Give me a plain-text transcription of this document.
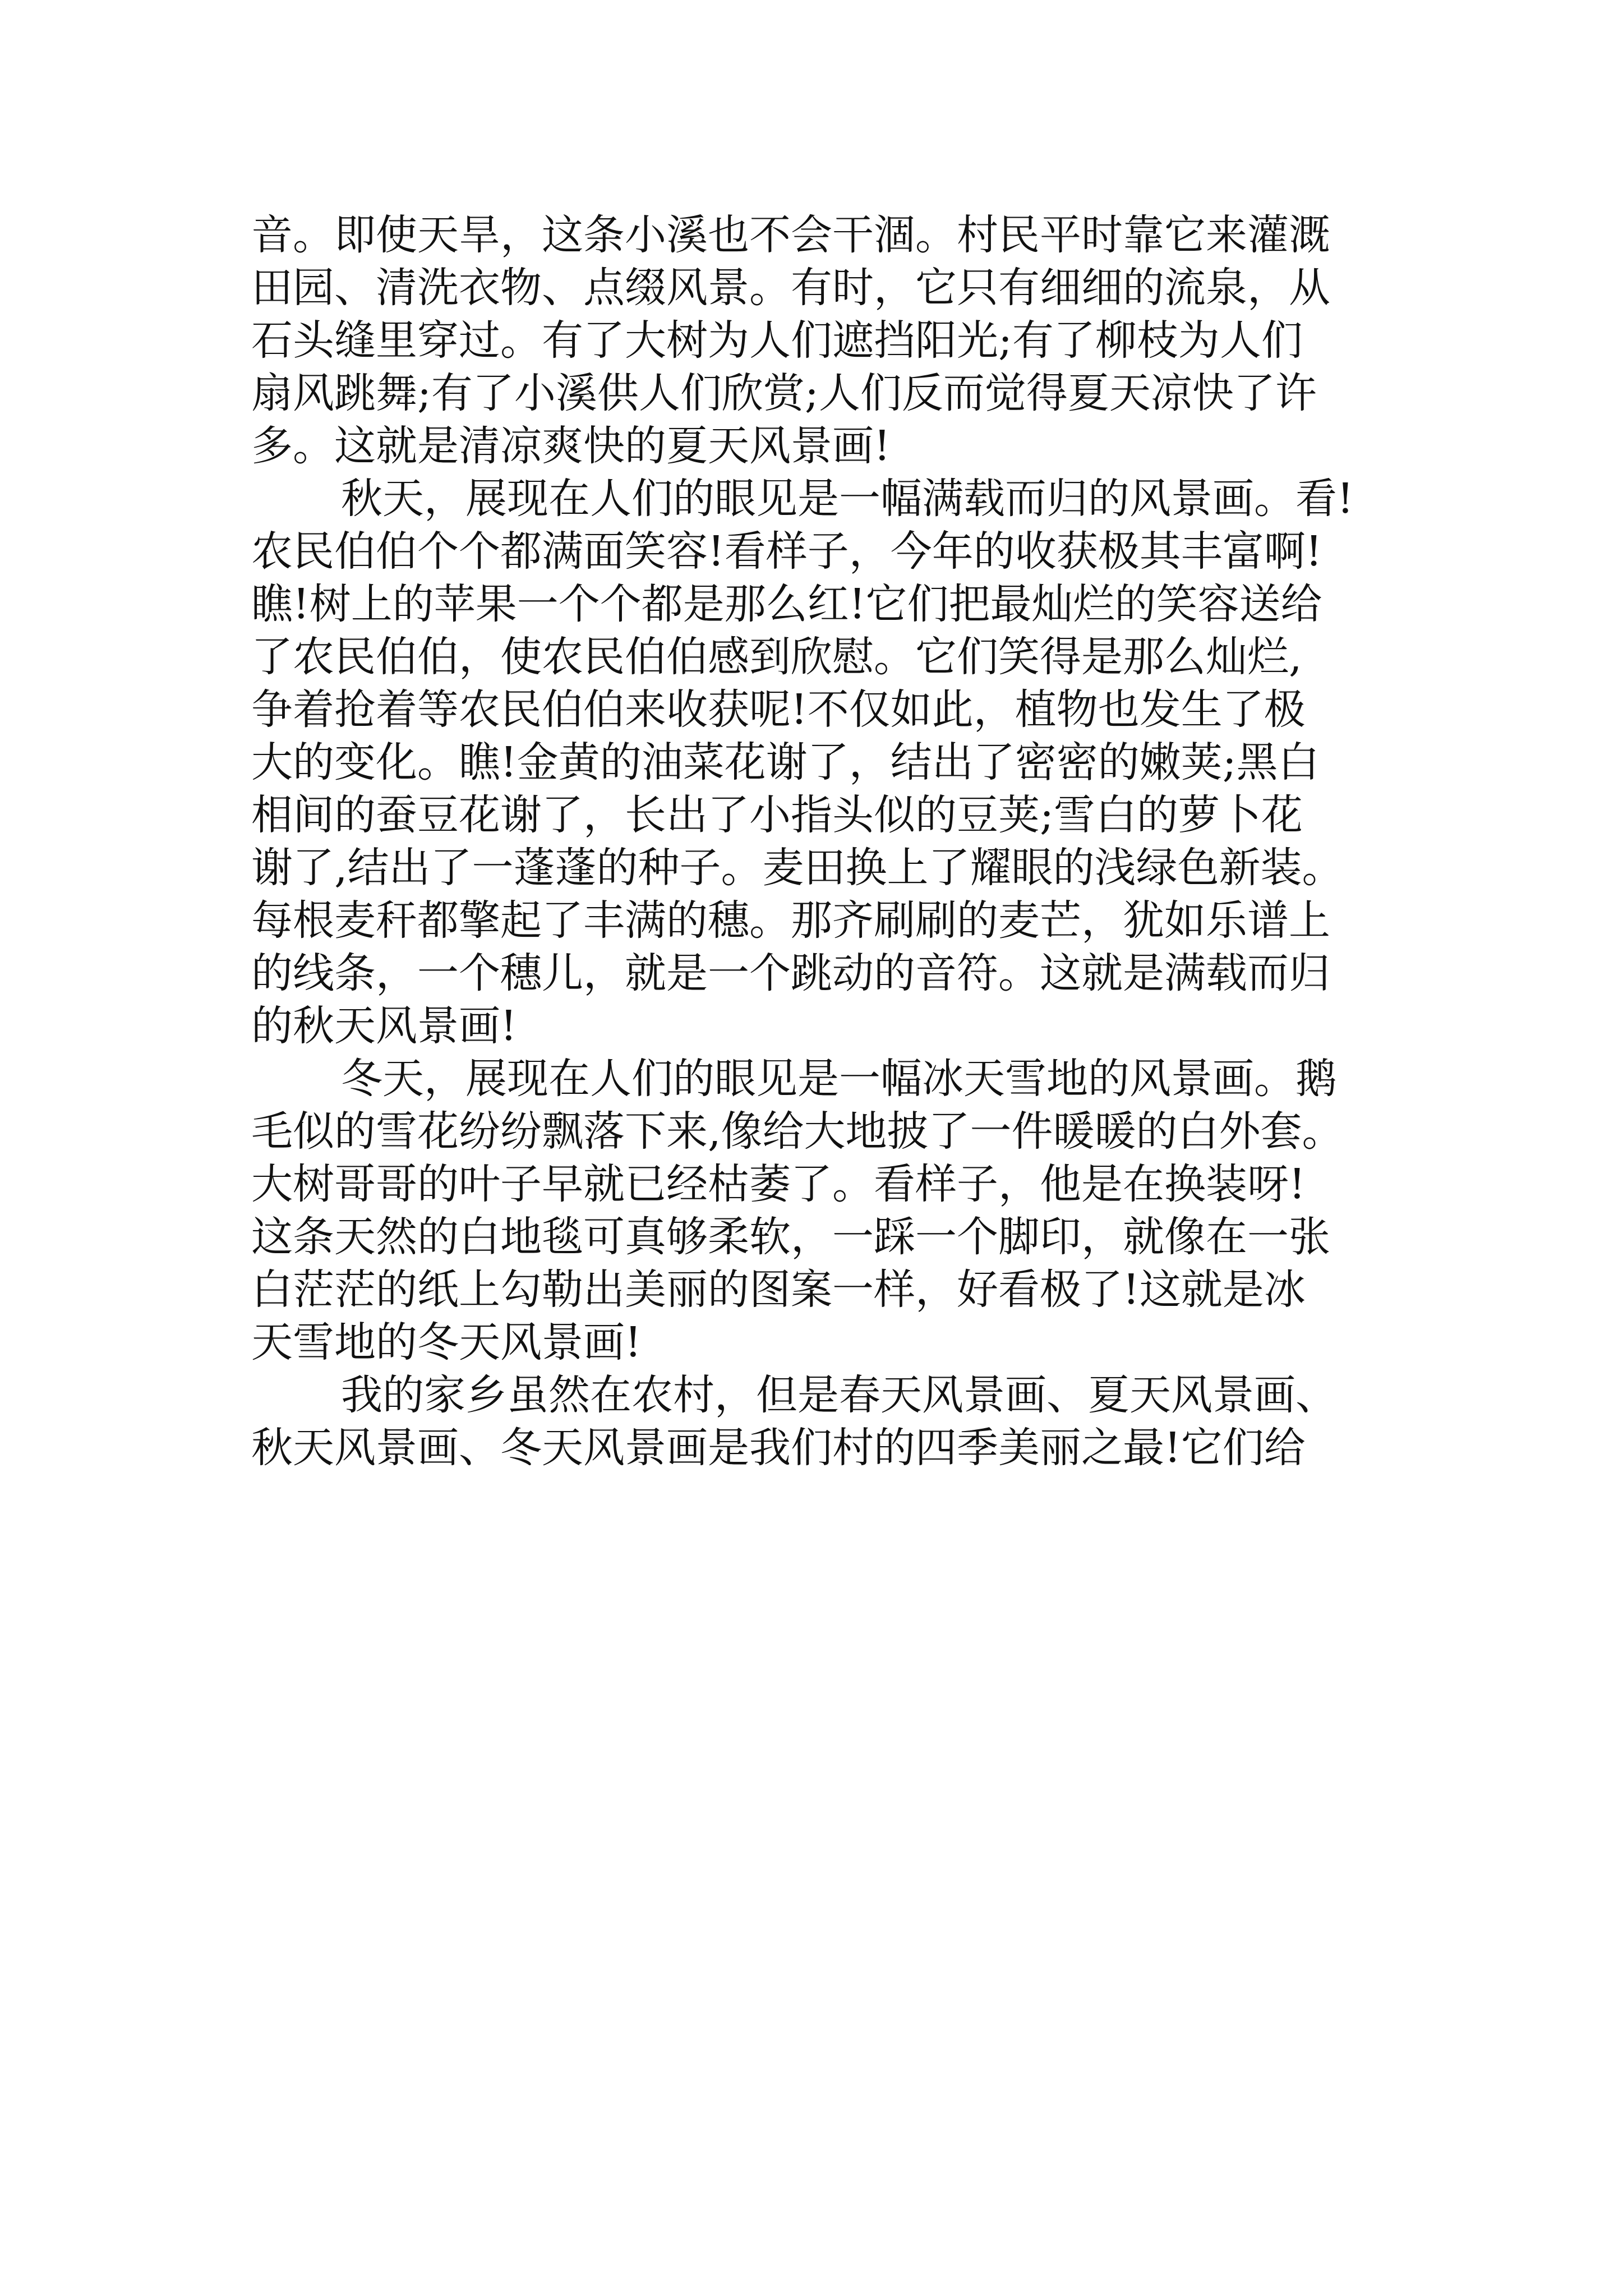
音。即使天旱，这条小溪也不会干涸。村民平时靠它来灌溉
田园、清洗衣物、点缀风景。有时，它只有细细的流泉，从
石头缝里穿过。有了大树为人们遮挡阳光;有了柳枝为人们
扇风跳舞;有了小溪供人们欣赏;人们反而觉得夏天凉快了许
多。这就是清凉爽快的夏天风景画!
秋天，展现在人们的眼见是一幅满载而归的风景画。看!
农民伯伯个个都满面笑容!看样子，今年的收获极其丰富啊!
瞧!树上的苹果一个个都是那么红!它们把最灿烂的笑容送给
了农民伯伯，使农民伯伯感到欣慰。它们笑得是那么灿烂,
争着抢着等农民伯伯来收获呢!不仅如此，植物也发生了极
大的变化。瞧!金黄的油菜花谢了，结出了密密的嫩荚;黑白
相间的蚕豆花谢了，长出了小指头似的豆荚;雪白的萝卜花
谢了,结出了一蓬蓬的种子。麦田换上了耀眼的浅绿色新装。
每根麦秆都擎起了丰满的穗。那齐刷刷的麦芒，犹如乐谱上
的线条，一个穗儿，就是一个跳动的音符。这就是满载而归
的秋天风景画!
冬天，展现在人们的眼见是一幅冰天雪地的风景画。鹅
毛似的雪花纷纷飘落下来,像给大地披了一件暖暖的白外套。
大树哥哥的叶子早就已经枯萎了。看样子，他是在换装呀!
这条天然的白地毯可真够柔软，一踩一个脚印，就像在一张
白茫茫的纸上勾勒出美丽的图案一样，好看极了!这就是冰
天雪地的冬天风景画!
我的家乡虽然在农村，但是春天风景画、夏天风景画、
秋天风景画、冬天风景画是我们村的四季美丽之最!它们给
